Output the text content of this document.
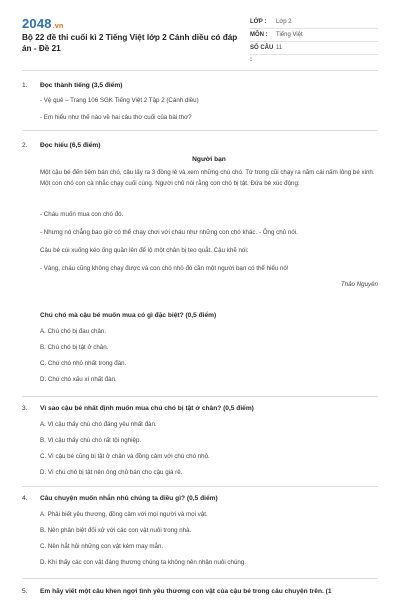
2048.vn
Bộ 22 đề thi cuối kì 2 Tiếng Việt lớp 2 Cánh diều có đáp án - Đề 21
LỚP :	Lớp 2
MÔN :	Tiếng Việt
SỐ CÂU :
11
1. Đọc thành tiếng (3,5 điểm)
- Vệ quê – Trang 106 SGK Tiếng Việt 2 Tập 2 (Cánh diều)
- Em hiểu như thế nào về hai câu thơ cuối của bài thơ?
2. Đọc hiểu (6,5 điểm)
Người bạn
Một cậu bé đến tiệm bán chó, cậu lấy ra 3 đồng lẻ và xem những chú chó. Từ trong cũi chạy ra năm cái nấm lông bé xinh. Một con chó con cà nhắc chạy cuối cùng. Người chủ nói rằng con chó bị tật. Đứa bé xúc động:
- Cháu muốn mua con chó đó.
- Nhưng nó chẳng bao giờ có thể chạy chơi với cháu như những con chó khác. - Ông chủ nói.
Cậu bé cúi xuống kéo ống quần lên để lộ một chân bị teo quắt. Cậu khẽ nói:
- Vâng, cháu cũng không chạy được và con chó nhỏ đó cần một người bạn có thể hiểu nó!
Thảo Nguyên
Chú chó mà cậu bé muốn mua có gì đặc biệt? (0,5 điểm)
A. Chú chó bị đau chân.
B. Chú chó bị tật ở chân.
C. Chú chó nhỏ nhất trong đàn.
D. Chú chó xấu xí nhất đàn.
3. Vì sao cậu bé nhất định muốn mua chú chó bị tật ở chân? (0,5 điểm)
A. Vì cậu thấy chú chó đáng yêu nhất đàn.
B. Vì cậu thấy chú chó rất tội nghiệp.
C. Vì cậu bé cũng bị tật ở chân và đồng cảm với chú chó nhỏ.
D. Vì chú chó bị tật nên ông chủ bán cho cậu giá rẻ.
4. Câu chuyện muốn nhắn nhủ chúng ta điều gì? (0,5 điểm)
A. Phải biết yêu thương, đồng cảm với mọi người và mọi vật.
B. Nên phân biệt đối xử với các con vật nuôi trong nhà.
C. Nên hắt hủi những con vật kém may mắn.
D. Khi thấy các con vật đáng thương chúng ta không nên nhận nuôi chúng.
5. Em hãy viết một câu khen ngợi tình yêu thương con vật của cậu bé trong câu chuyện trên. (1
